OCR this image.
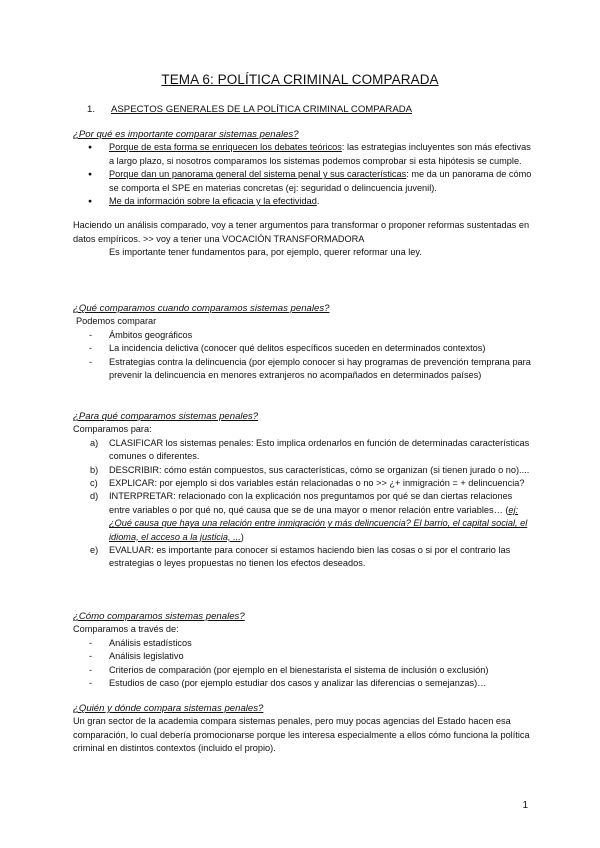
TEMA 6: POLÍTICA CRIMINAL COMPARADA
1. ASPECTOS GENERALES DE LA POLÍTICA CRIMINAL COMPARADA
¿Por qué es importante comparar sistemas penales?
● Porque de esta forma se enriquecen los debates teóricos: las estrategias incluyentes son más efectivas a largo plazo, si nosotros comparamos los sistemas podemos comprobar si esta hipótesis se cumple.
● Porque dan un panorama general del sistema penal y sus características: me da un panorama de cómo se comporta el SPE en materias concretas (ej: seguridad o delincuencia juvenil).
● Me da información sobre la eficacia y la efectividad.
Haciendo un análisis comparado, voy a tener argumentos para transformar o proponer reformas sustentadas en datos empíricos. >> voy a tener una VOCACIÓN TRANSFORMADORA
Es importante tener fundamentos para, por ejemplo, querer reformar una ley.
¿Qué comparamos cuando comparamos sistemas penales?
Podemos comparar
- Ámbitos geográficos
- La incidencia delictiva (conocer qué delitos específicos suceden en determinados contextos)
- Estrategias contra la delincuencia (por ejemplo conocer si hay programas de prevención temprana para prevenir la delincuencia en menores extranjeros no acompañados en determinados países)
¿Para qué comparamos sistemas penales?
Comparamos para:
a) CLASIFICAR los sistemas penales: Esto implica ordenarlos en función de determinadas características comunes o diferentes.
b) DESCRIBIR: cómo están compuestos, sus características, cómo se organizan (si tienen jurado o no)....
c) EXPLICAR: por ejemplo si dos variables están relacionadas o no >> ¿+ inmigración = + delincuencia?
d) INTERPRETAR: relacionado con la explicación nos preguntamos por qué se dan ciertas relaciones entre variables o por qué no, qué causa que se de una mayor o menor relación entre variables… (ej: ¿Qué causa que haya una relación entre inmigración y más delincuencia? El barrio, el capital social, el idioma, el acceso a la justicia, ...)
e) EVALUAR: es importante para conocer si estamos haciendo bien las cosas o si por el contrario las estrategias o leyes propuestas no tienen los efectos deseados.
¿Cómo comparamos sistemas penales?
Comparamos a través de:
- Análisis estadísticos
- Análisis legislativo
- Criterios de comparación (por ejemplo en el bienestarista el sistema de inclusión o exclusión)
- Estudios de caso (por ejemplo estudiar dos casos y analizar las diferencias o semejanzas)…
¿Quién y dónde compara sistemas penales?
Un gran sector de la academia compara sistemas penales, pero muy pocas agencias del Estado hacen esa comparación, lo cual debería promocionarse porque les interesa especialmente a ellos cómo funciona la política criminal en distintos contextos (incluido el propio).
1
